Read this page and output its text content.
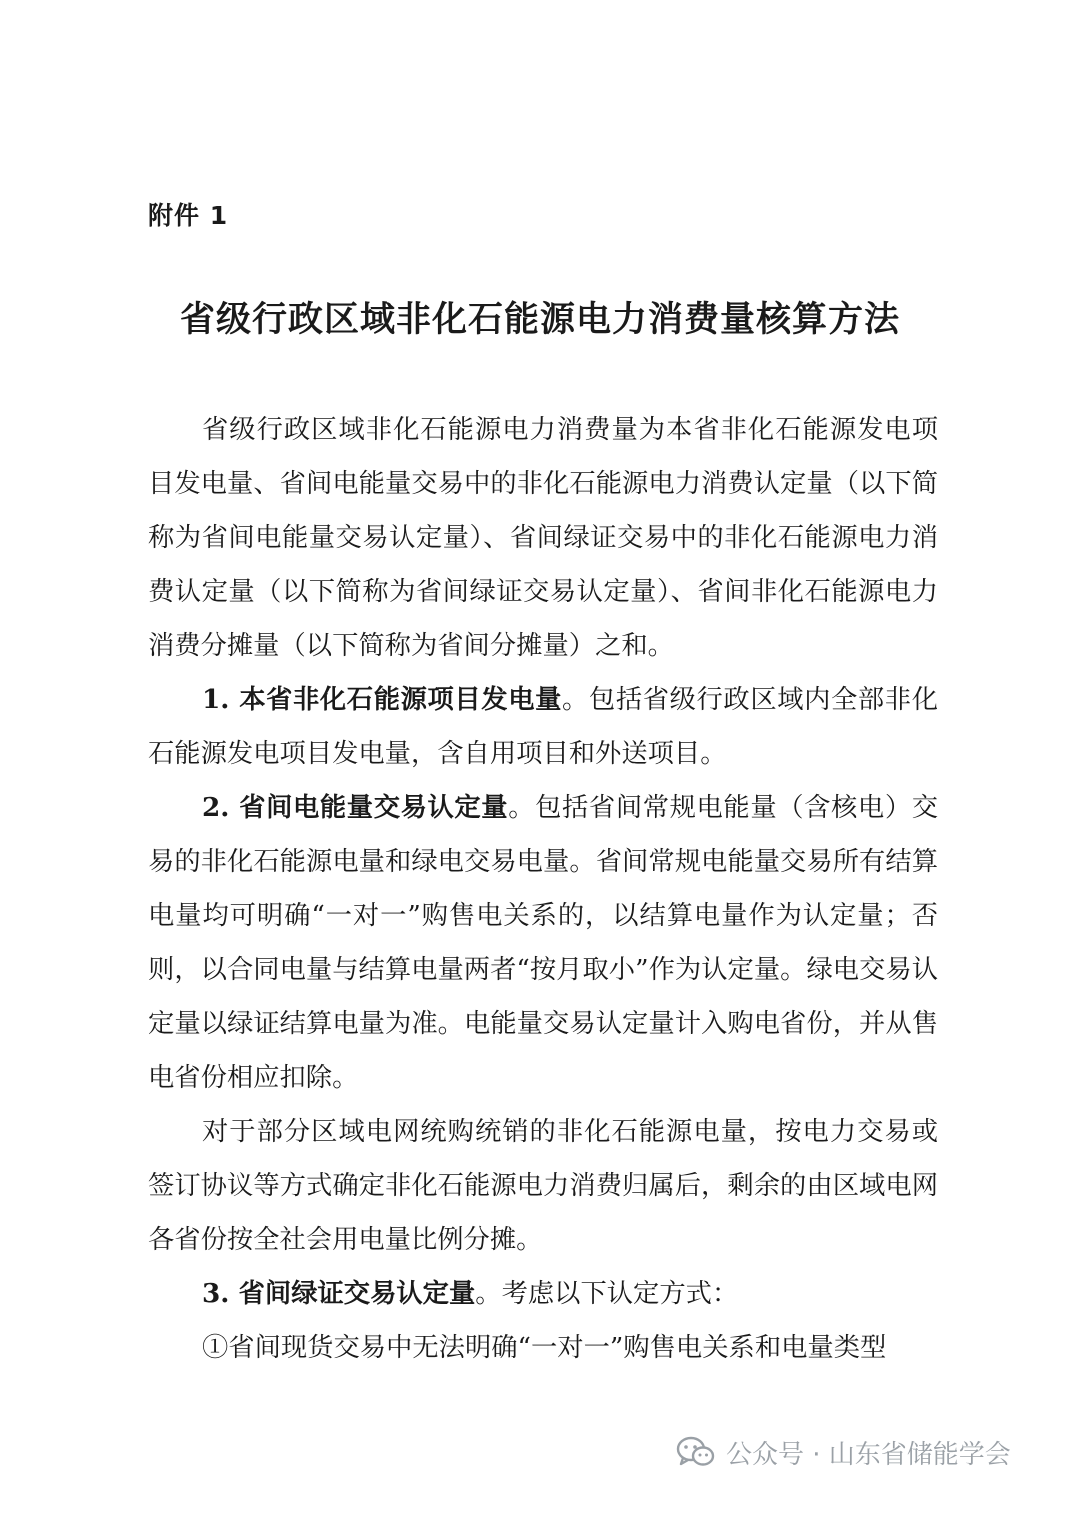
附件 1
省级行政区域非化石能源电力消费量核算方法

省级行政区域非化石能源电力消费量为本省非化石能源发电项目发电量、省间电能量交易中的非化石能源电力消费认定量（以下简称为省间电能量交易认定量）、省间绿证交易中的非化石能源电力消费认定量（以下简称为省间绿证交易认定量）、省间非化石能源电力消费分摊量（以下简称为省间分摊量）之和。

1. 本省非化石能源项目发电量。包括省级行政区域内全部非化石能源发电项目发电量，含自用项目和外送项目。

2. 省间电能量交易认定量。包括省间常规电能量（含核电）交易的非化石能源电量和绿电交易电量。省间常规电能量交易所有结算电量均可明确“一对一”购售电关系的，以结算电量作为认定量；否则，以合同电量与结算电量两者“按月取小”作为认定量。绿电交易认定量以绿证结算电量为准。电能量交易认定量计入购电省份，并从售电省份相应扣除。

对于部分区域电网统购统销的非化石能源电量，按电力交易或签订协议等方式确定非化石能源电力消费归属后，剩余的由区域电网各省份按全社会用电量比例分摊。

3. 省间绿证交易认定量。考虑以下认定方式：

①省间现货交易中无法明确“一对一”购售电关系和电量类型

公众号 · 山东省储能学会
